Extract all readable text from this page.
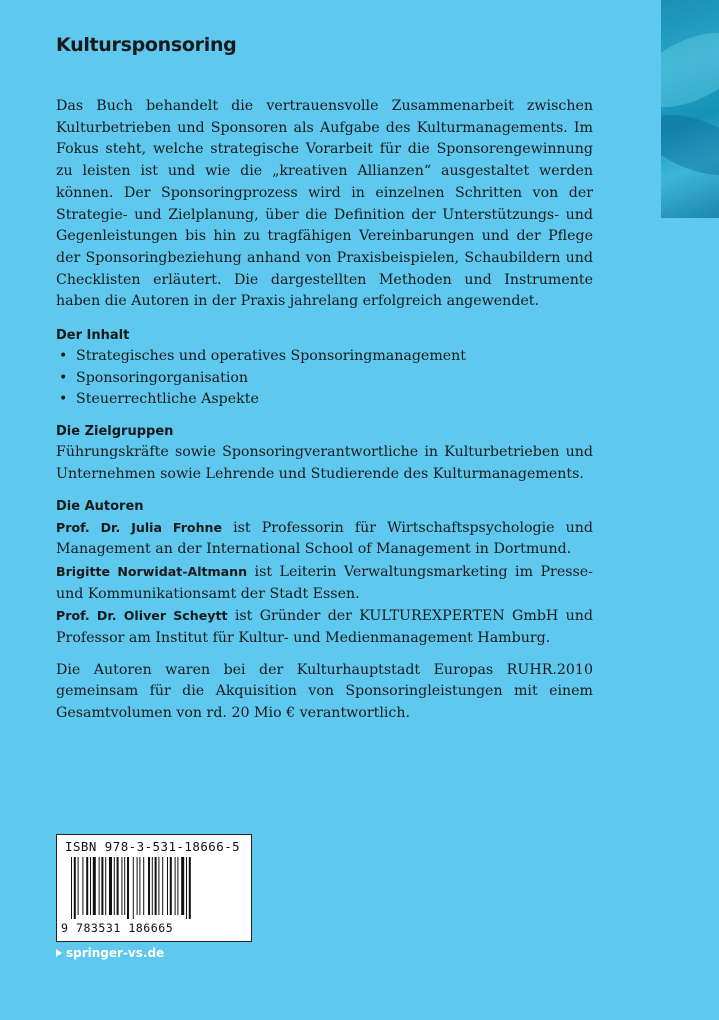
Kultursponsoring

Das Buch behandelt die vertrauensvolle Zusammenarbeit zwischen Kulturbetrieben und Sponsoren als Aufgabe des Kulturmanagements. Im Fokus steht, welche strategische Vorarbeit für die Sponsorengewinnung zu leisten ist und wie die „kreativen Allianzen“ ausgestaltet werden können. Der Sponsoringprozess wird in einzelnen Schritten von der Strategie- und Zielplanung, über die Definition der Unterstützungs- und Gegenleistungen bis hin zu tragfähigen Vereinbarungen und der Pflege der Sponsoringbeziehung anhand von Praxisbeispielen, Schaubildern und Checklisten erläutert. Die dargestellten Methoden und Instrumente haben die Autoren in der Praxis jahrelang erfolgreich angewendet.

Der Inhalt
• Strategisches und operatives Sponsoringmanagement
• Sponsoringorganisation
• Steuerrechtliche Aspekte
Die Zielgruppen

Führungskräfte sowie Sponsoringverantwortliche in Kulturbetrieben und Unternehmen sowie Lehrende und Studierende des Kulturmanagements.

Die Autoren

Prof. Dr. Julia Frohne ist Professorin für Wirtschaftspsychologie und Management an der International School of Management in Dortmund.

Brigitte Norwidat-Altmann ist Leiterin Verwaltungsmarketing im Presse- und Kommunikationsamt der Stadt Essen.

Prof. Dr. Oliver Scheytt ist Gründer der KULTUREXPERTEN GmbH und Professor am Institut für Kultur- und Medienmanagement Hamburg.

Die Autoren waren bei der Kulturhauptstadt Europas RUHR.2010 gemeinsam für die Akquisition von Sponsoringleistungen mit einem Gesamtvolumen von rd. 20 Mio € verantwortlich.

ISBN 978-3-531-18666-5
9 783531 186665
springer-vs.de
